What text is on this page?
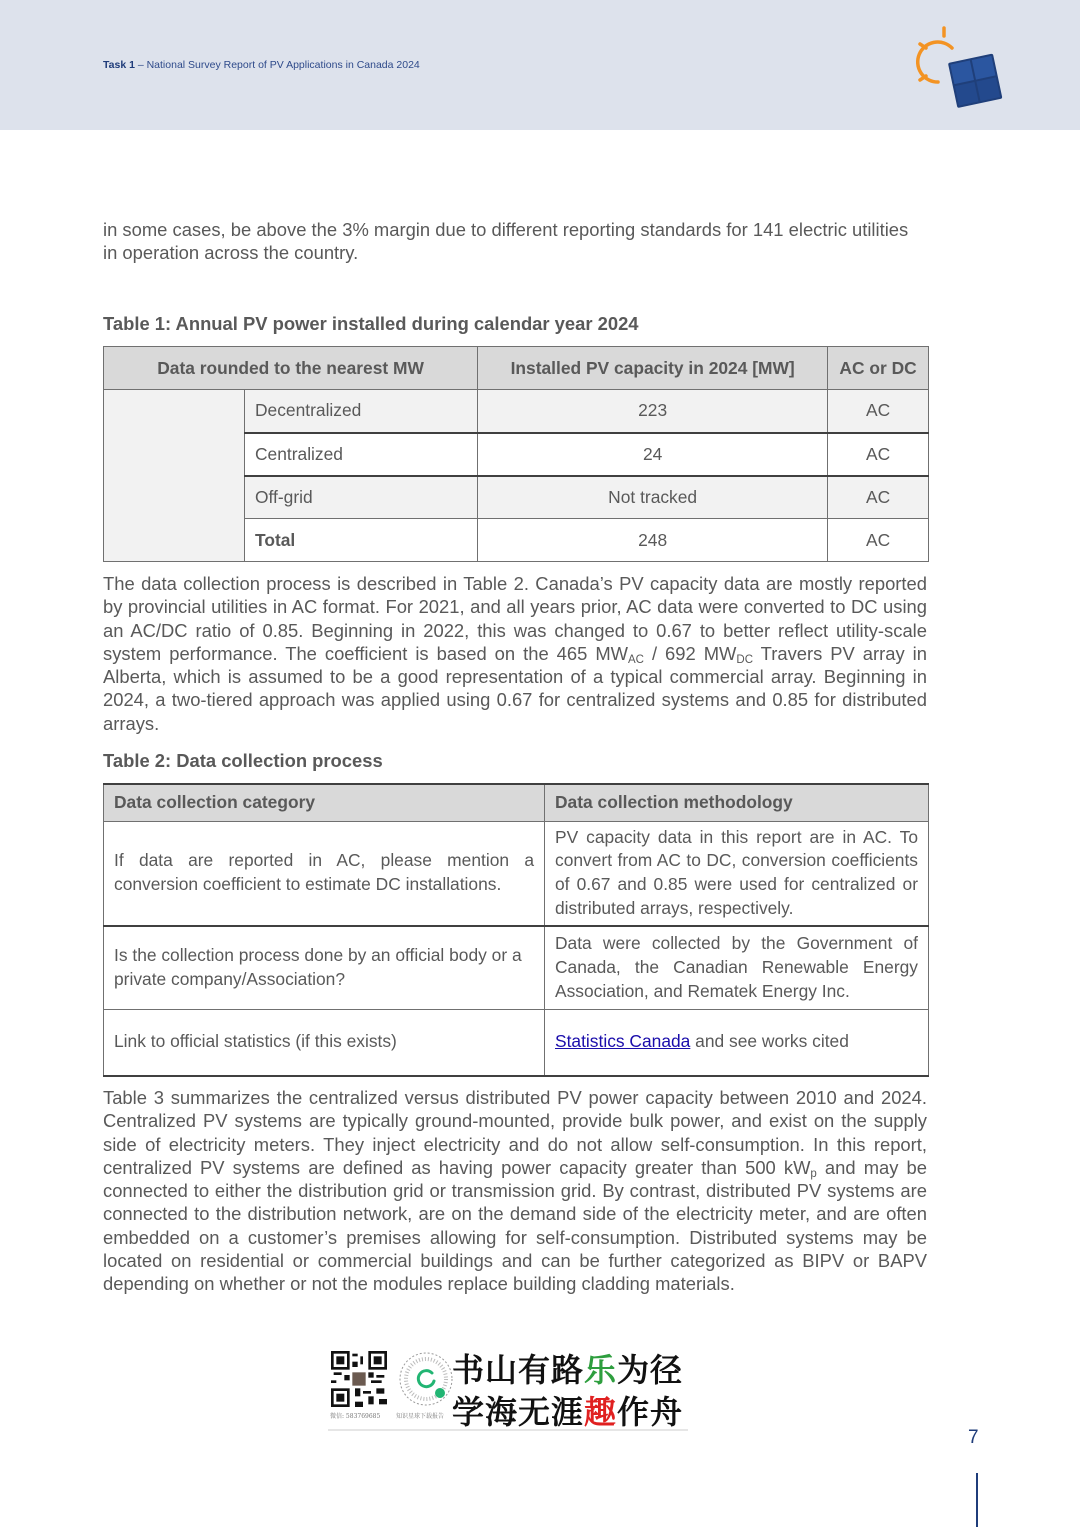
Task 1 – National Survey Report of PV Applications in Canada 2024
in some cases, be above the 3% margin due to different reporting standards for 141 electric utilities in operation across the country.
Table 1: Annual PV power installed during calendar year 2024
Data rounded to the nearest MW		Installed PV capacity in 2024 [MW]	AC or DC
	Decentralized	223	AC
	Centralized	24	AC
	Off-grid	Not tracked	AC
	Total	248	AC
The data collection process is described in Table 2. Canada’s PV capacity data are mostly reported by provincial utilities in AC format. For 2021, and all years prior, AC data were converted to DC using an AC/DC ratio of 0.85. Beginning in 2022, this was changed to 0.67 to better reflect utility-scale system performance. The coefficient is based on the 465 $MW_{AC} / 692$ $MW_{DC}$ Travers PV array in Alberta, which is assumed to be a good representation of a typical commercial array. Beginning in 2024, a two-tiered approach was applied using 0.67 for centralized systems and 0.85 for distributed arrays.
Table 2: Data collection process
Data collection category	Data collection methodology
If data are reported in AC, please mention a conversion coefficient to estimate DC installations.	PV capacity data in this report are in AC. To convert from AC to DC, conversion coefficients of 0.67 and 0.85 were used for centralized or distributed arrays, respectively.
Is the collection process done by an official body or a private company/Association?	Data were collected by the Government of Canada, the Canadian Renewable Energy Association, and Rematek Energy Inc.
Link to official statistics (if this exists)	Statistics Canada and see works cited
Table 3 summarizes the centralized versus distributed PV power capacity between 2010 and 2024. Centralized PV systems are typically ground-mounted, provide bulk power, and exist on the supply side of electricity meters. They inject electricity and do not allow self-consumption. In this report, centralized PV systems are defined as having power capacity greater than 500 $kW_p$ and may be connected to either the distribution grid or transmission grid. By contrast, distributed PV systems are connected to the distribution network, are on the demand side of the electricity meter, and are often embedded on a customer’s premises allowing for self-consumption. Distributed systems may be located on residential or commercial buildings and can be further categorized as BIPV or BAPV depending on whether or not the modules replace building cladding materials.
微信: 583769685	知识星球下载报告
书山有路乐为径
学海无涯趣作舟
7
